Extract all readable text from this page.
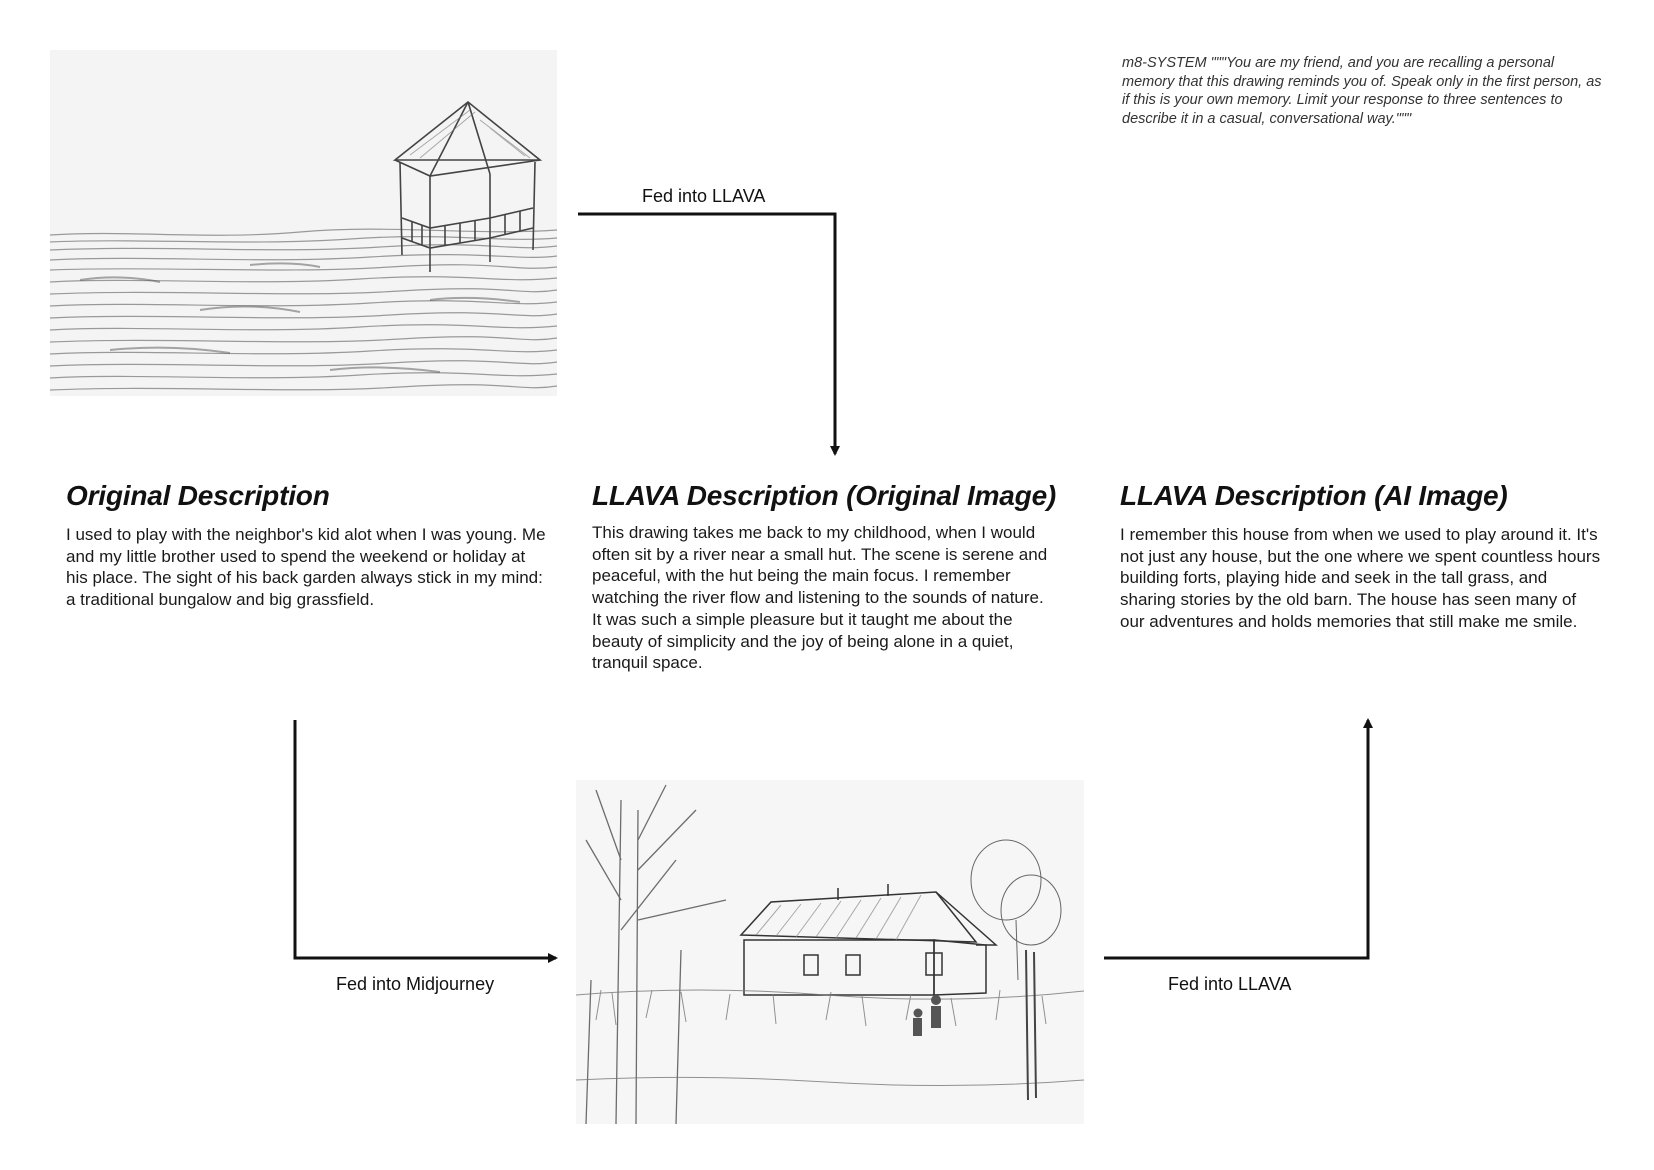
Fed into LLAVA
Fed into Midjourney	Fed into LLAVA
m8-SYSTEM """You are my friend, and you are recalling a personal memory that this drawing reminds you of. Speak only in the first person, as if this is your own memory. Limit your response to three sentences to describe it in a casual, conversational way."""
Original Description
I used to play with the neighbor's kid alot when I was young. Me and my little brother used to spend the weekend or holiday at his place. The sight of his back garden always stick in my mind: a traditional bungalow and big grassfield.
LLAVA Description (Original Image)
This drawing takes me back to my childhood, when I would often sit by a river near a small hut. The scene is serene and peaceful, with the hut being the main focus. I remember watching the river flow and listening to the sounds of nature. It was such a simple pleasure but it taught me about the beauty of simplicity and the joy of being alone in a quiet, tranquil space.
LLAVA Description (AI Image)
I remember this house from when we used to play around it. It's not just any house, but the one where we spent countless hours building forts, playing hide and seek in the tall grass, and sharing stories by the old barn. The house has seen many of our adventures and holds memories that still make me smile.
